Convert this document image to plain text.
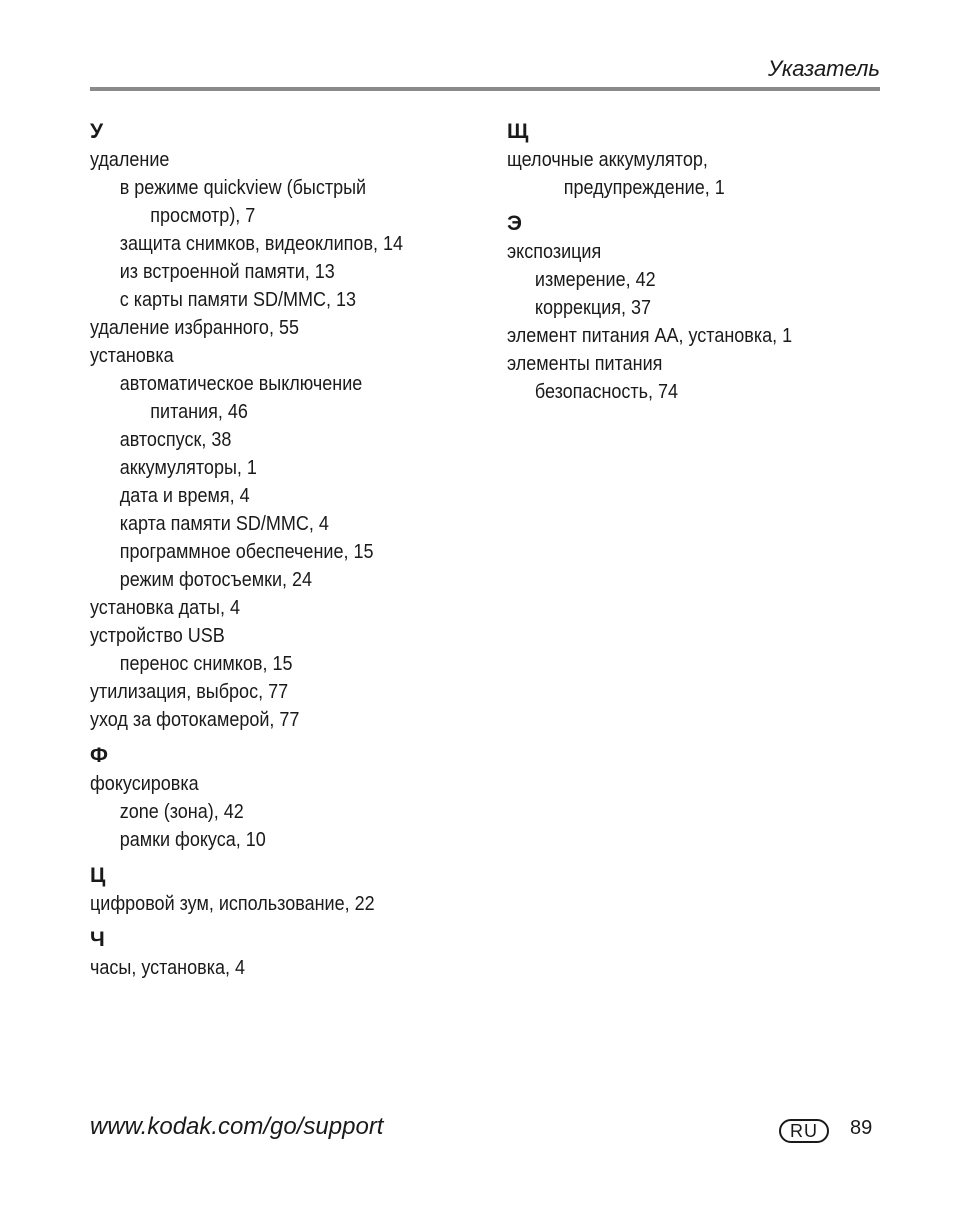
Указатель
У
удаление
в режиме quickview (быстрый
просмотр), 7
защита снимков, видеоклипов, 14
из встроенной памяти, 13
с карты памяти SD/MMC, 13
удаление избранного, 55
установка
автоматическое выключение
питания, 46
автоспуск, 38
аккумуляторы, 1
дата и время, 4
карта памяти SD/MMC, 4
программное обеспечение, 15
режим фотосъемки, 24
установка даты, 4
устройство USB
перенос снимков, 15
утилизация, выброс, 77
уход за фотокамерой, 77
Ф
фокусировка
zone (зона), 42
рамки фокуса, 10
Ц
цифровой зум, использование, 22
Ч
часы, установка, 4
Щ
щелочные аккумулятор,
предупреждение, 1
Э
экспозиция
измерение, 42
коррекция, 37
элемент питания AA, установка, 1
элементы питания
безопасность, 74
www.kodak.com/go/support	RU	89
